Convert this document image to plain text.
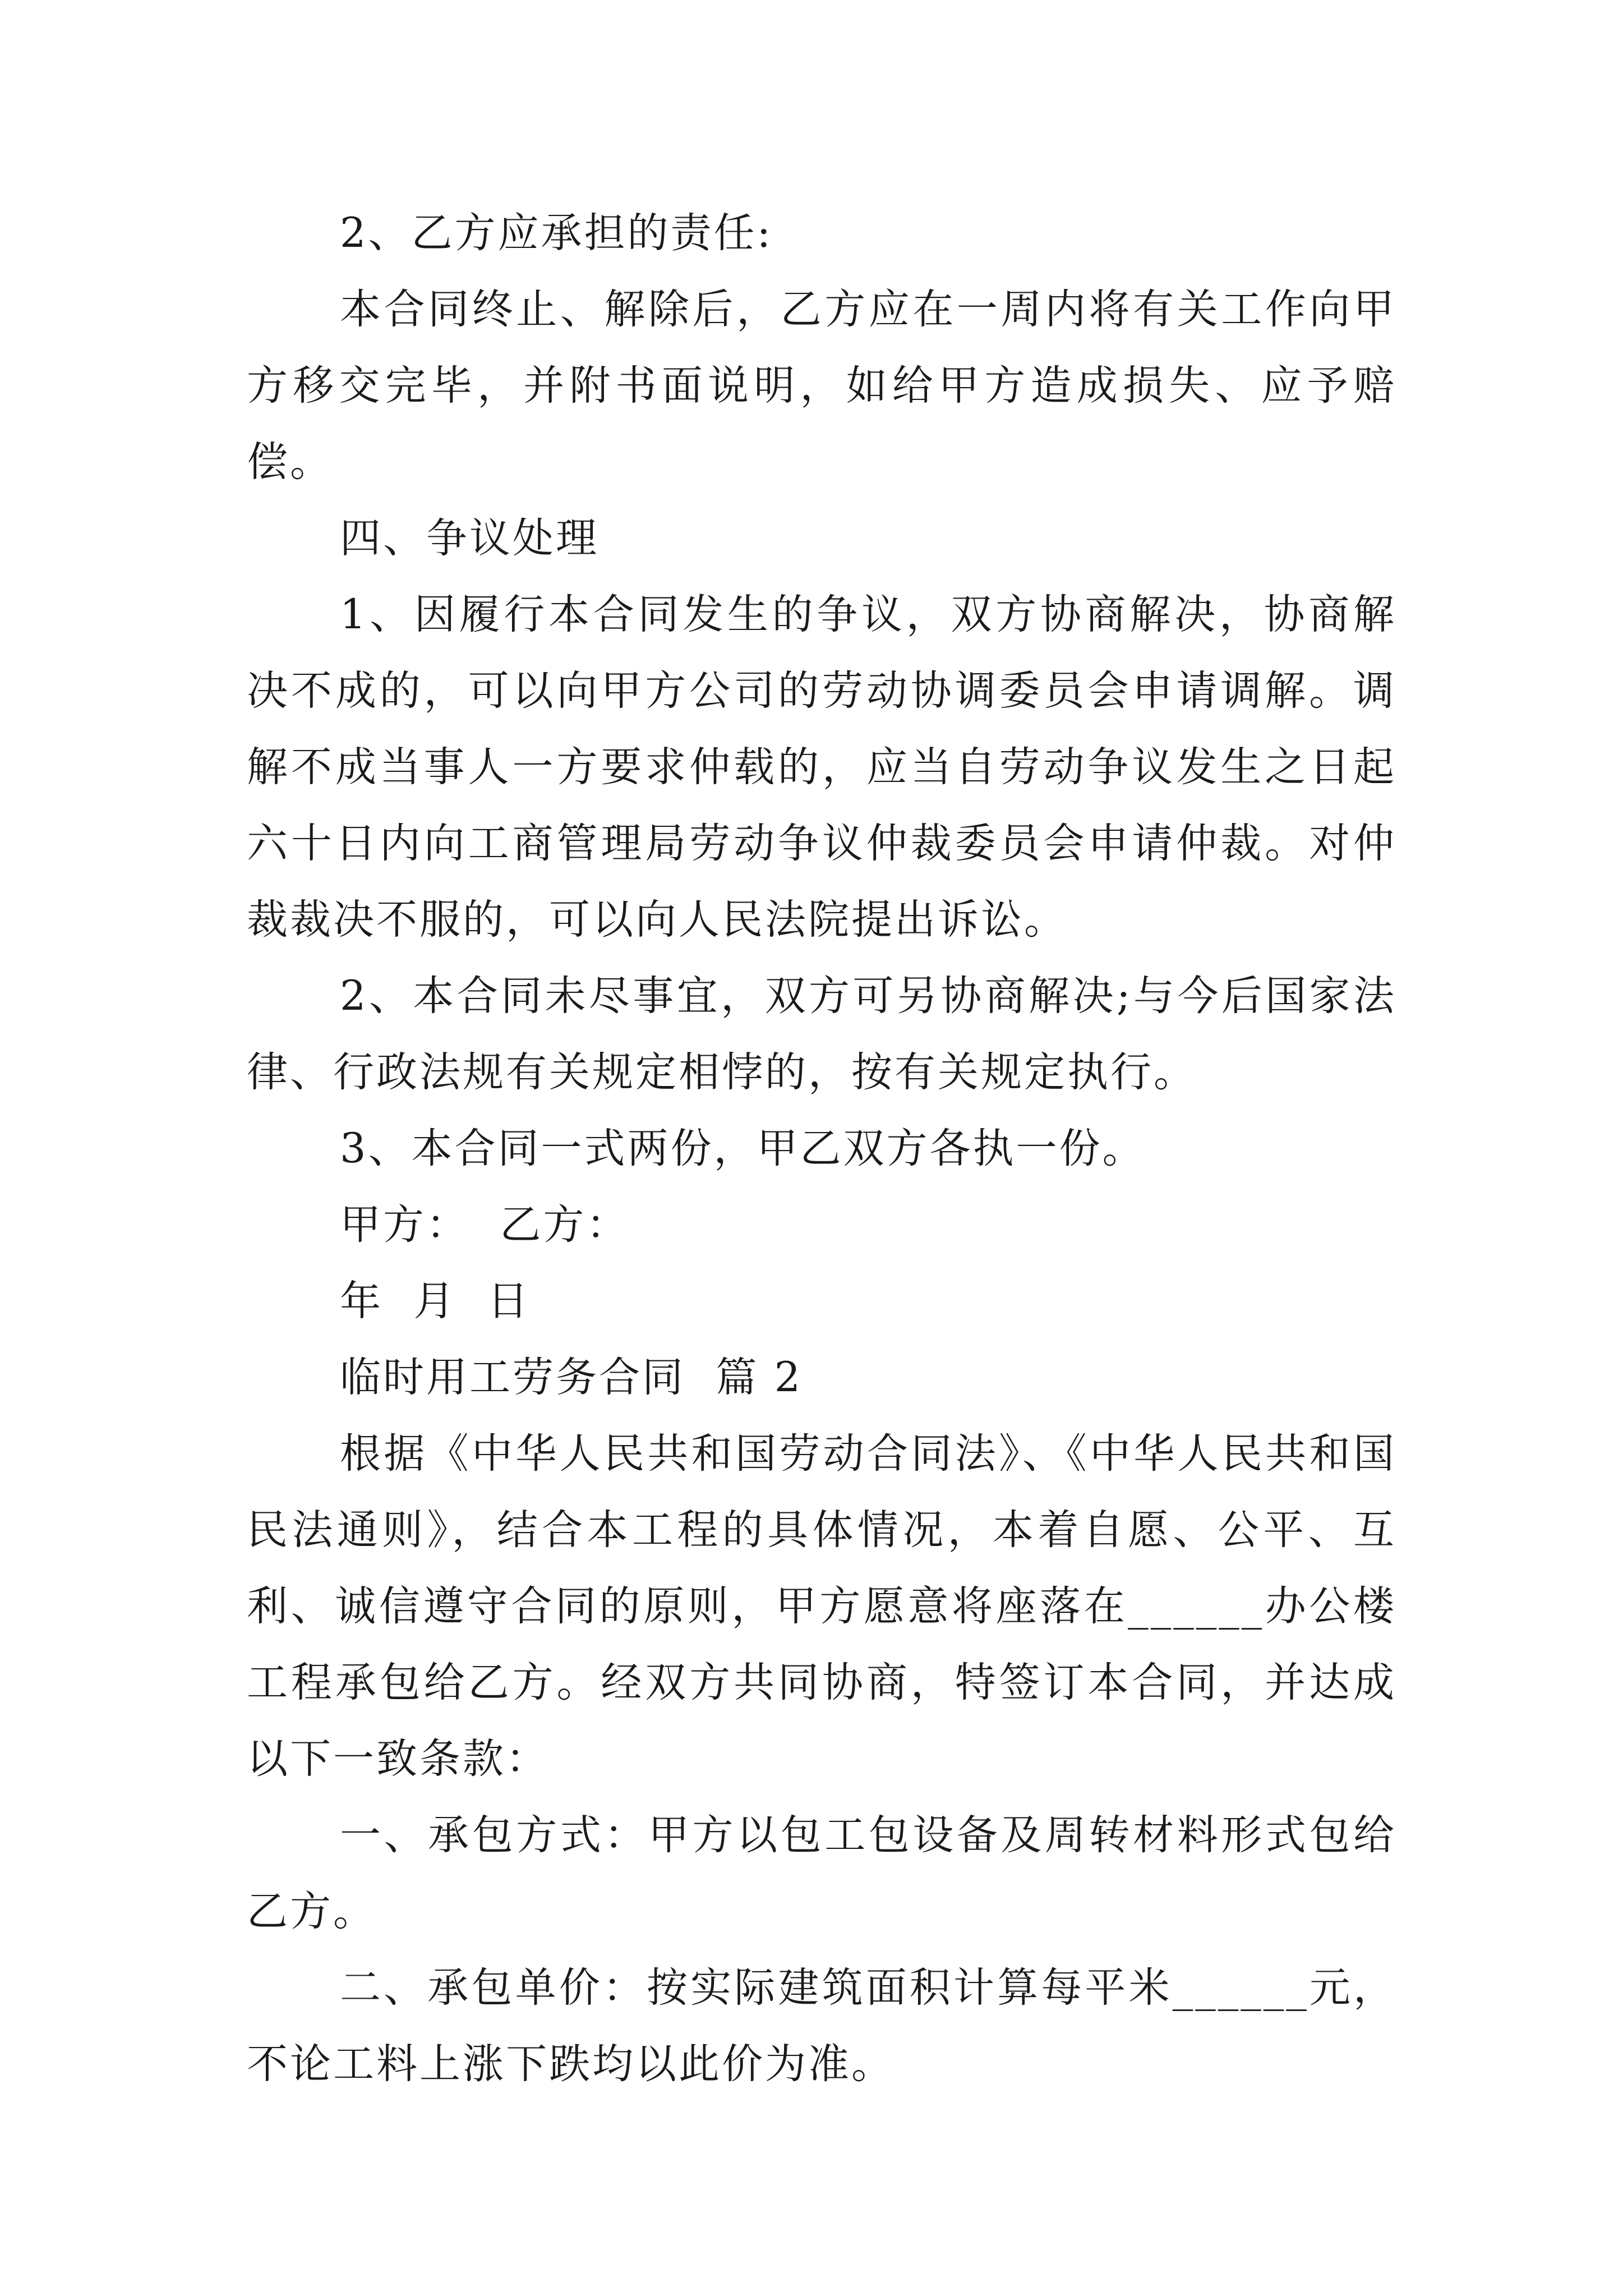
2、乙方应承担的责任:

本合同终止、解除后，乙方应在一周内将有关工作向甲方移交完毕，并附书面说明，如给甲方造成损失、应予赔偿。

四、争议处理

1、因履行本合同发生的争议，双方协商解决，协商解决不成的，可以向甲方公司的劳动协调委员会申请调解。调解不成当事人一方要求仲载的，应当自劳动争议发生之日起六十日内向工商管理局劳动争议仲裁委员会申请仲裁。对仲裁裁决不服的，可以向人民法院提出诉讼。

2、本合同未尽事宜，双方可另协商解决;与今后国家法律、行政法规有关规定相悖的，按有关规定执行。

3、本合同一式两份，甲乙双方各执一份。

甲方：  乙方：

年  月  日

临时用工劳务合同  篇 2

根据《中华人民共和国劳动合同法》、《中华人民共和国民法通则》，结合本工程的具体情况，本着自愿、公平、互利、诚信遵守合同的原则，甲方愿意将座落在______办公楼工程承包给乙方。经双方共同协商，特签订本合同，并达成以下一致条款：

一、承包方式：甲方以包工包设备及周转材料形式包给乙方。

二、承包单价：按实际建筑面积计算每平米______元，不论工料上涨下跌均以此价为准。
